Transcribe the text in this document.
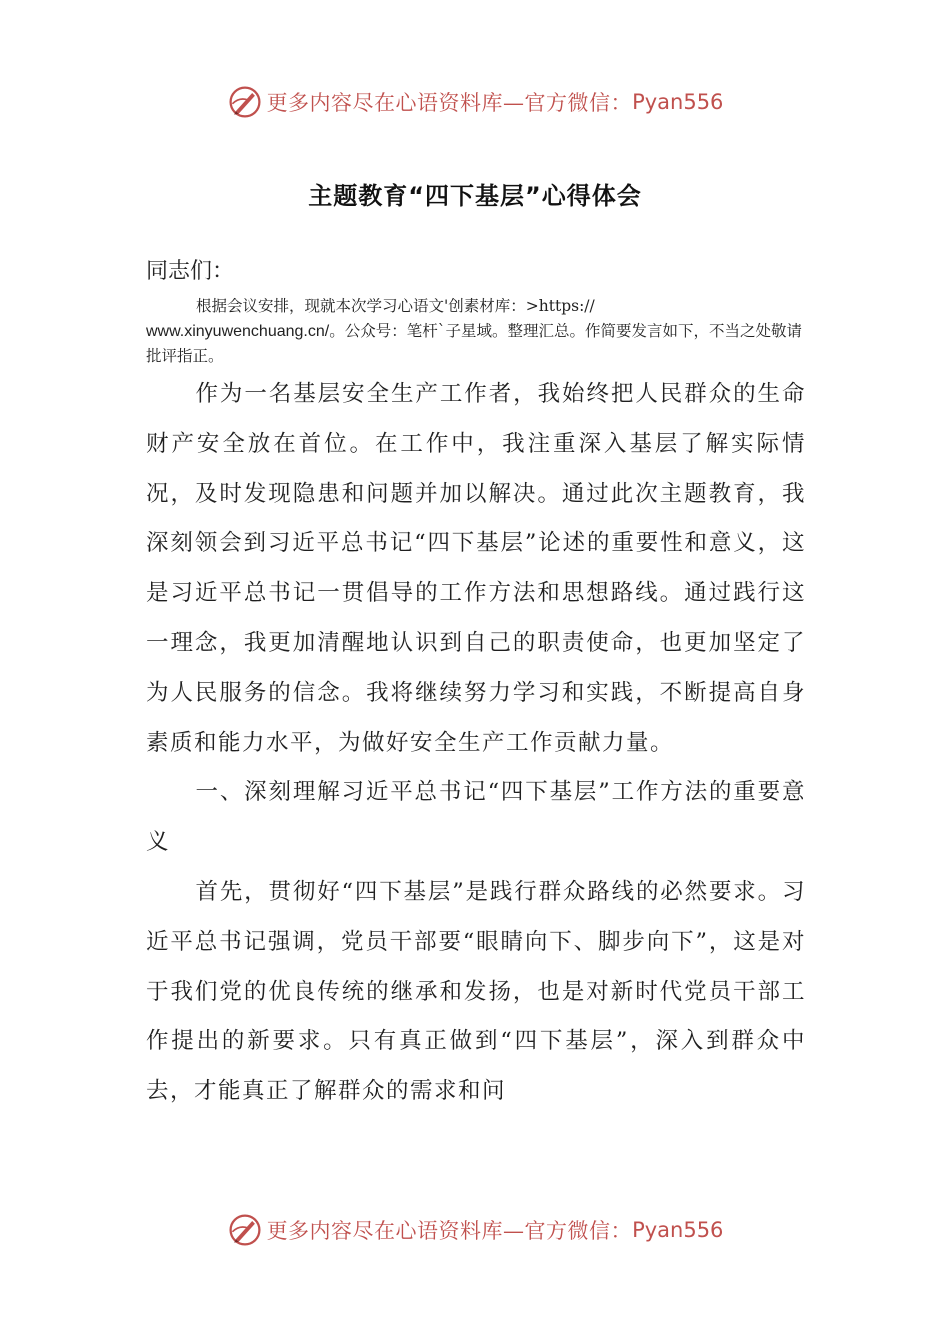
更多内容尽在心语资料库—官方微信： Pyan556
主题教育“四下基层”心得体会
同志们：
根据会议安排，现就本次学习心语文'创素材库：>https://
www.xinyuwenchuang.cn/。公众号：笔杆`子星域。整理汇总。作简要发言如下，不当之处敬请批评指正。

作为一名基层安全生产工作者，我始终把人民群众的生命财产安全放在首位。在工作中，我注重深入基层了解实际情况，及时发现隐患和问题并加以解决。通过此次主题教育，我深刻领会到习近平总书记“四下基层”论述的重要性和意义，这是习近平总书记一贯倡导的工作方法和思想路线。通过践行这一理念，我更加清醒地认识到自己的职责使命，也更加坚定了为人民服务的信念。我将继续努力学习和实践，不断提高自身素质和能力水平，为做好安全生产工作贡献力量。

一、深刻理解习近平总书记“四下基层”工作方法的重要意义

首先，贯彻好“四下基层”是践行群众路线的必然要求。习近平总书记强调，党员干部要“眼睛向下、脚步向下”，这是对于我们党的优良传统的继承和发扬，也是对新时代党员干部工作提出的新要求。只有真正做到“四下基层”，深入到群众中去，才能真正了解群众的需求和问

更多内容尽在心语资料库—官方微信： Pyan556
